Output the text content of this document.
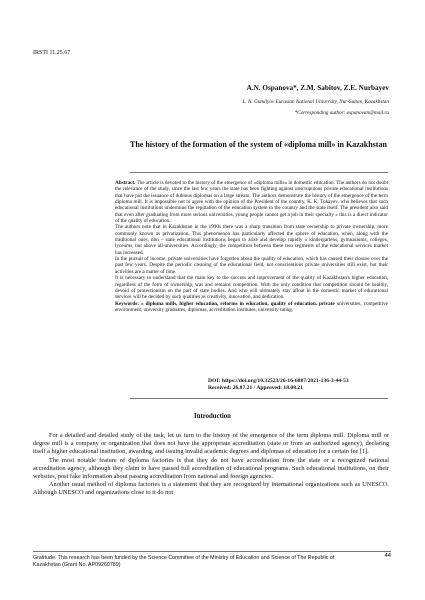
IRSTI 11.25.67
A.N. Ospanova*, Z.M. Sabitov, Z.E. Nurbayev
L. N. Gumilyov Eurasian National University, Nur-Sultan, Kazakhstan
*Corresponding author: ospanovan@mail.ru
The history of the formation of the system of «diploma mill» in Kazakhstan

Abstract. The article is devoted to the history of the emergence of «diploma mills» in domestic education. The authors do not doubt the relevance of the study, since the last few years the state has been fighting against unscrupulous private educational institutions that have put the issuance of dubious diplomas on a large stream. The authors demonstrate the history of the emergence of the term diploma mill. It is impossible not to agree with the opinion of the President of the country, K. K. Tokayev, who believes that such educational institutions undermine the reputation of the education system in the country and the state itself. The president also said that even after graduating from more serious universities, young people cannot get a job in their specialty » this is a direct indicator of the quality of education.

The authors note that in Kazakhstan in the 1990s there was a sharp transition from state ownership to private ownership, more commonly known as privatization. This phenomenon has particularly affected the sphere of education, when, along with the traditional ones, non – state educational institutions began to arise and develop rapidly » kindergartens, gymnasiums, colleges, lyceums, but above all-universities. Accordingly, the competition between these two segments of the educational services market has increased.

In the pursuit of income, private universities have forgotten about the quality of education, which has caused their closure over the past few years. Despite the periodic cleaning of the educational field, not conscientious private universities still exist, but their activities are a matter of time.

It is necessary to understand that the main key to the success and improvement of the quality of Kazakhstan's higher education, regardless of the form of ownership, was and remains competition. With the only condition that competition should be healthy, devoid of protectionism on the part of state bodies. And who will ultimately stay afloat in the domestic market of educational services will be decided by such qualities as creativity, innovation, and dedication.

Keywords: « diploma mills, higher education, reforms in education, quality of education, private universities, competitive environment, university graduates, diplomas, accreditation institutes, university rating.

DOI: https://doi.org/10.32523/26-16-6887/2021-136-3-44-53
Received: 26.07.21 / Approved: 18.08.21
Introduction

For a detailed and detailed study of the task, let us turn to the history of the emergence of the term diploma mill. Diploma mill or degree mill is a company or organization that does not have the appropriate accreditation (state or from an authorized agency), declaring itself a higher educational institution, awarding, and issuing invalid academic degrees and diplomas of education for a certain fee [1].

The most notable feature of diploma factories is that they do not have accreditation from the state or a recognized national accreditation agency, although they claim to have passed full accreditation of educational programs. Such educational institutions, on their websites, post fake information about passing accreditation from national and foreign agencies.

Another usual method of diploma factories is a statement that they are recognized by international organizations such as UNESCO. Although UNESCO and organizations close to it do not

Gratitude. This research has been funded by the Science Committee of the Ministry of Education and Science of The Republic of Kazakhstan (Grant No. AP09260789)
44
